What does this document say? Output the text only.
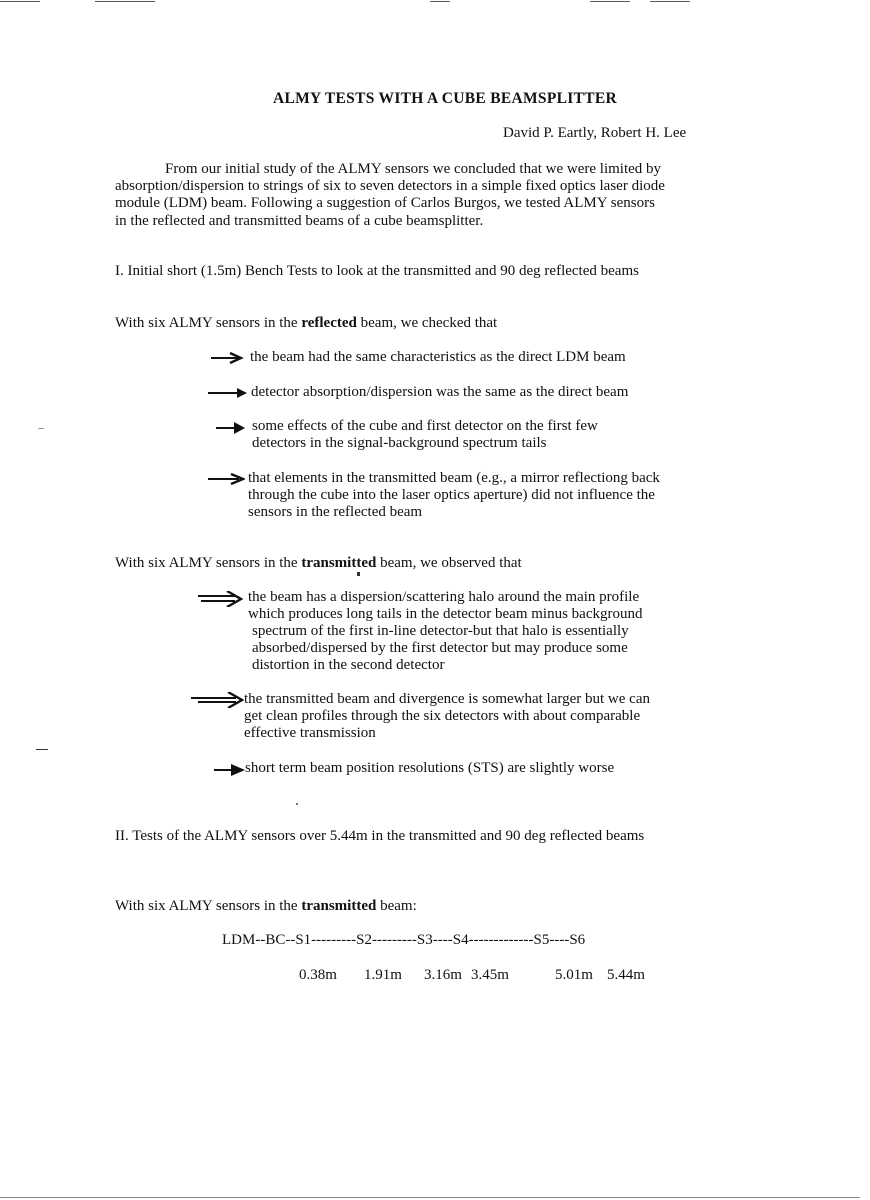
ALMY TESTS WITH A CUBE BEAMSPLITTER
David P. Eartly, Robert H. Lee

From our initial study of the ALMY sensors we concluded that we were limited by

absorption/dispersion to strings of six to seven detectors in a simple fixed optics laser diode

module (LDM) beam. Following a suggestion of Carlos Burgos, we tested ALMY sensors

in the reflected and transmitted beams of a cube beamsplitter.

I. Initial short (1.5m) Bench Tests to look at the transmitted and 90 deg reflected beams
With six ALMY sensors in the reflected beam, we checked that
the beam had the same characteristics as the direct LDM beam
detector absorption/dispersion was the same as the direct beam
some effects of the cube and first detector on the first few
detectors in the signal-background spectrum tails
that elements in the transmitted beam (e.g., a mirror reflectiong back
through the cube into the laser optics aperture) did not influence the
sensors in the reflected beam
With six ALMY sensors in the transmitted beam, we observed that
the beam has a dispersion/scattering halo around the main profile
which produces long tails in the detector beam minus background
spectrum of the first in-line detector-but that halo is essentially
absorbed/dispersed by the first detector but may produce some
distortion in the second detector
the transmitted beam and divergence is somewhat larger but we can
get clean profiles through the six detectors with about comparable
effective transmission
short term beam position resolutions (STS) are slightly worse
II. Tests of the ALMY sensors over 5.44m in the transmitted and 90 deg reflected beams
With six ALMY sensors in the transmitted beam:
LDM--BC--S1---------S2---------S3----S4-------------S5----S6
0.38m 1.91m 3.16m 3.45m	5.01m 5.44m
